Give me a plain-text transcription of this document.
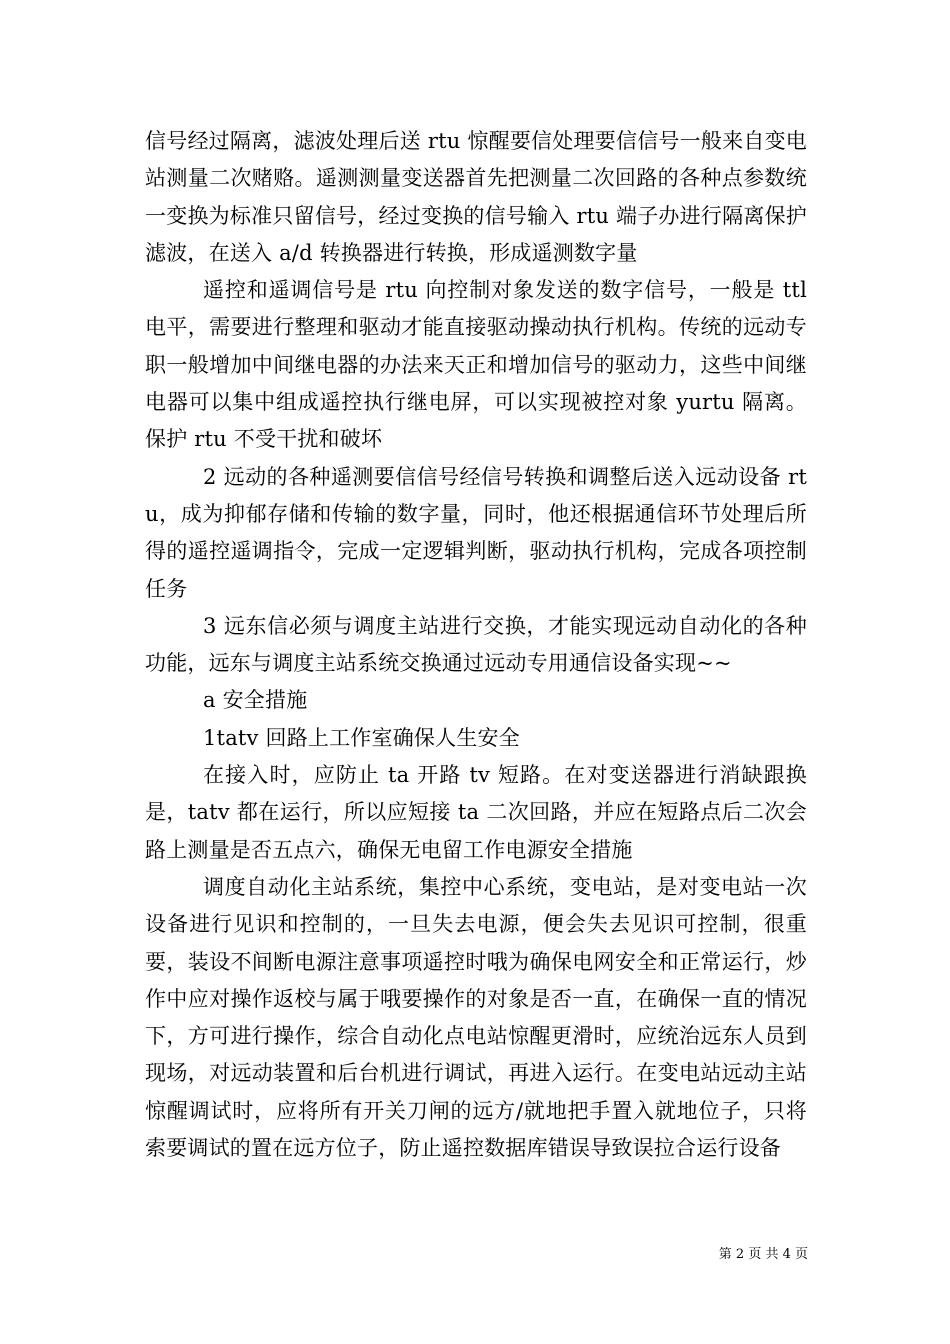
信号经过隔离，滤波处理后送 rtu 惊醒要信处理要信信号一般来自变电站测量二次赌赂。遥测测量变送器首先把测量二次回路的各种点参数统一变换为标准只留信号，经过变换的信号输入 rtu 端子办进行隔离保护滤波，在送入 a/d 转换器进行转换，形成遥测数字量

遥控和遥调信号是 rtu 向控制对象发送的数字信号，一般是 ttl 电平，需要进行整理和驱动才能直接驱动操动执行机构。传统的远动专职一般增加中间继电器的办法来天正和增加信号的驱动力，这些中间继电器可以集中组成遥控执行继电屏，可以实现被控对象 yurtu 隔离。保护 rtu 不受干扰和破坏

2 远动的各种遥测要信信号经信号转换和调整后送入远动设备 rtu，成为抑郁存储和传输的数字量，同时，他还根据通信环节处理后所得的遥控遥调指令，完成一定逻辑判断，驱动执行机构，完成各项控制任务

3 远东信必须与调度主站进行交换，才能实现远动自动化的各种功能，远东与调度主站系统交换通过远动专用通信设备实现~~

a 安全措施

1tatv 回路上工作室确保人生安全

在接入时，应防止 ta 开路 tv 短路。在对变送器进行消缺跟换是，tatv 都在运行，所以应短接 ta 二次回路，并应在短路点后二次会路上测量是否五点六，确保无电留工作电源安全措施

调度自动化主站系统，集控中心系统，变电站，是对变电站一次设备进行见识和控制的，一旦失去电源，便会失去见识可控制，很重要，装设不间断电源注意事项遥控时哦为确保电网安全和正常运行，炒作中应对操作返校与属于哦要操作的对象是否一直，在确保一直的情况下，方可进行操作，综合自动化点电站惊醒更滑时，应统治远东人员到现场，对远动装置和后台机进行调试，再进入运行。在变电站远动主站惊醒调试时，应将所有开关刀闸的远方/就地把手置入就地位子，只将索要调试的置在远方位子，防止遥控数据库错误导致误拉合运行设备

第 2 页 共 4 页
